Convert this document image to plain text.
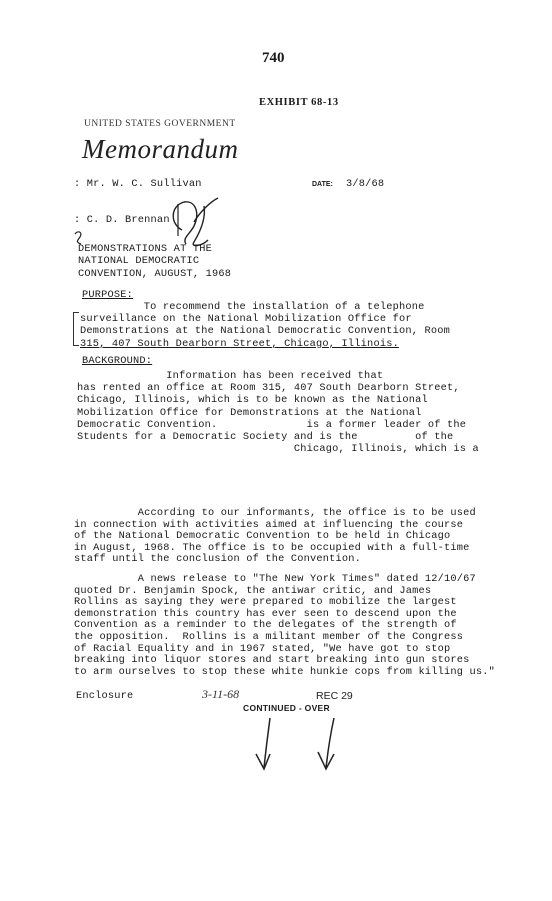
740
EXHIBIT 68-13
UNITED STATES GOVERNMENT
Memorandum
: Mr. W. C. Sullivan	DATE: 3/8/68
: C. D. Brennan
DEMONSTRATIONS AT THE
NATIONAL DEMOCRATIC
CONVENTION, AUGUST, 1968
PURPOSE:
To recommend the installation of a telephone
surveillance on the National Mobilization Office for
Demonstrations at the National Democratic Convention, Room
315, 407 South Dearborn Street, Chicago, Illinois.
BACKGROUND:
Information has been received that
has rented an office at Room 315, 407 South Dearborn Street,
Chicago, Illinois, which is to be known as the National
Mobilization Office for Demonstrations at the National
Democratic Convention.              is a former leader of the
Students for a Democratic Society and is the         of the
Chicago, Illinois, which is a
According to our informants, the office is to be used
in connection with activities aimed at influencing the course
of the National Democratic Convention to be held in Chicago
in August, 1968. The office is to be occupied with a full-time
staff until the conclusion of the Convention.
A news release to "The New York Times" dated 12/10/67
quoted Dr. Benjamin Spock, the antiwar critic, and James
Rollins as saying they were prepared to mobilize the largest
demonstration this country has ever seen to descend upon the
Convention as a reminder to the delegates of the strength of
the opposition.  Rollins is a militant member of the Congress
of Racial Equality and in 1967 stated, "We have got to stop
breaking into liquor stores and start breaking into gun stores
to arm ourselves to stop these white hunkie cops from killing us."
Enclosure	3-11-68	REC 29
CONTINUED - OVER
